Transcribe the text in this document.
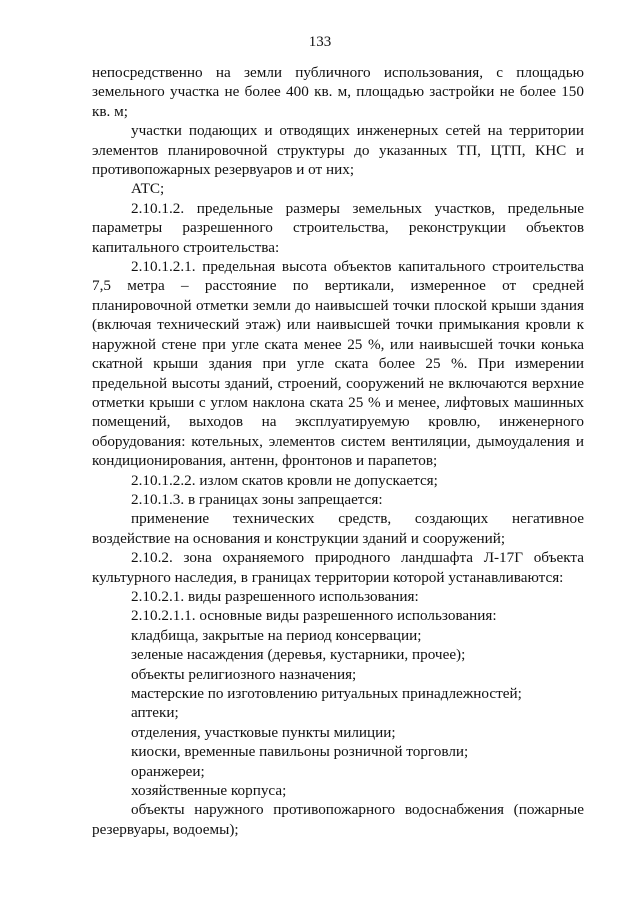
133

непосредственно на земли публичного использования, с площадью земельного участка не более 400 кв. м, площадью застройки не более 150 кв. м;

участки подающих и отводящих инженерных сетей на территории элементов планировочной структуры до указанных ТП, ЦТП, КНС и противопожарных резервуаров и от них;

АТС;

2.10.1.2. предельные размеры земельных участков, предельные параметры разрешенного строительства, реконструкции объектов капитального строительства:

2.10.1.2.1. предельная высота объектов капитального строительства 7,5 метра – расстояние по вертикали, измеренное от средней планировочной отметки земли до наивысшей точки плоской крыши здания (включая технический этаж) или наивысшей точки примыкания кровли к наружной стене при угле ската менее 25 %, или наивысшей точки конька скатной крыши здания при угле ската более 25 %. При измерении предельной высоты зданий, строений, сооружений не включаются верхние отметки крыши с углом наклона ската 25 % и менее, лифтовых машинных помещений, выходов на эксплуатируемую кровлю, инженерного оборудования: котельных, элементов систем вентиляции, дымоудаления и кондиционирования, антенн, фронтонов и парапетов;

2.10.1.2.2. излом скатов кровли не допускается;

2.10.1.3. в границах зоны запрещается:

применение технических средств, создающих негативное воздействие на основания и конструкции зданий и сооружений;

2.10.2. зона охраняемого природного ландшафта Л-17Г объекта культурного наследия, в границах территории которой устанавливаются:

2.10.2.1. виды разрешенного использования:

2.10.2.1.1. основные виды разрешенного использования:

кладбища, закрытые на период консервации;

зеленые насаждения (деревья, кустарники, прочее);

объекты религиозного назначения;

мастерские по изготовлению ритуальных принадлежностей;

аптеки;

отделения, участковые пункты милиции;

киоски, временные павильоны розничной торговли;

оранжереи;

хозяйственные корпуса;

объекты наружного противопожарного водоснабжения (пожарные резервуары, водоемы);
